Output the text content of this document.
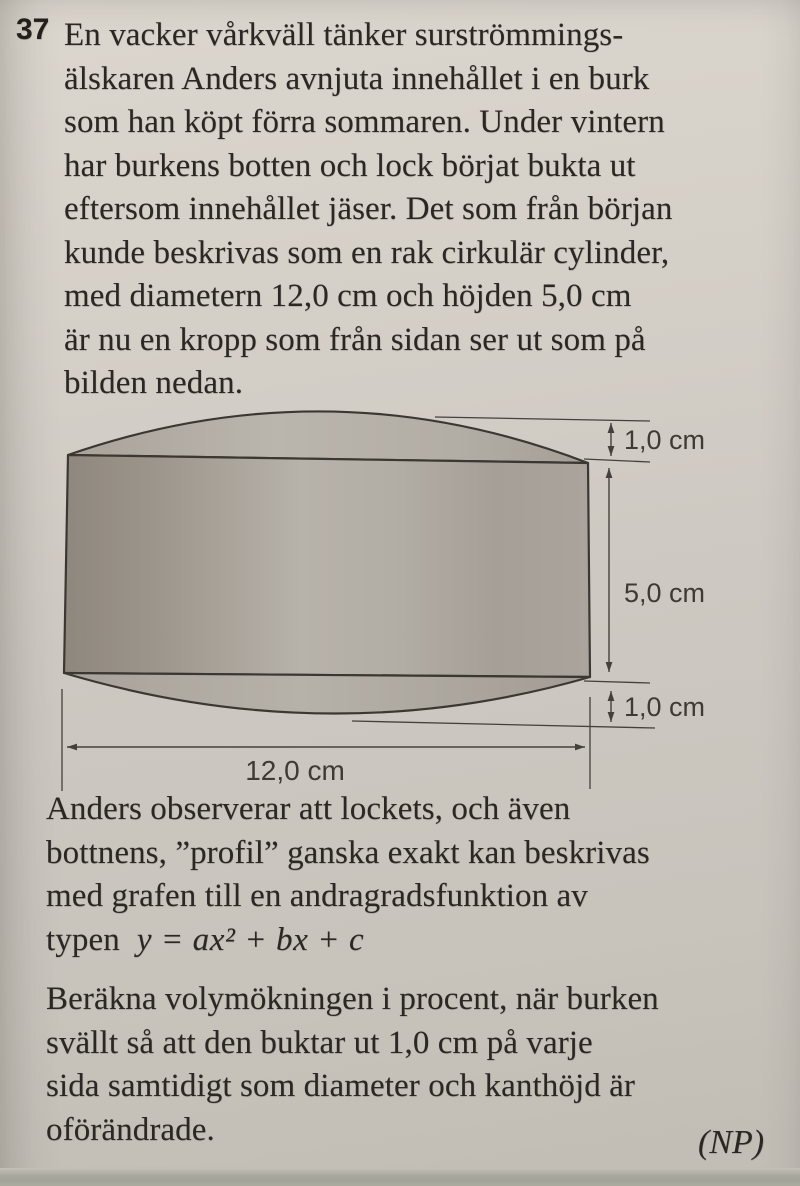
37 En vacker vårkväll tänker surströmmings-
älskaren Anders avnjuta innehållet i en burk
som han köpt förra sommaren. Under vintern
har burkens botten och lock börjat bukta ut
eftersom innehållet jäser. Det som från början
kunde beskrivas som en rak cirkulär cylinder,
med diametern 12,0 cm och höjden 5,0 cm
är nu en kropp som från sidan ser ut som på
bilden nedan.
1,0 cm
5,0 cm
1,0 cm
12,0 cm
Anders observerar att lockets, och även
bottnens, ”profil” ganska exakt kan beskrivas
med grafen till en andragradsfunktion av
typen y = ax² + bx + c
Beräkna volymökningen i procent, när burken
svällt så att den buktar ut 1,0 cm på varje
sida samtidigt som diameter och kanthöjd är
oförändrade.	(NP)
